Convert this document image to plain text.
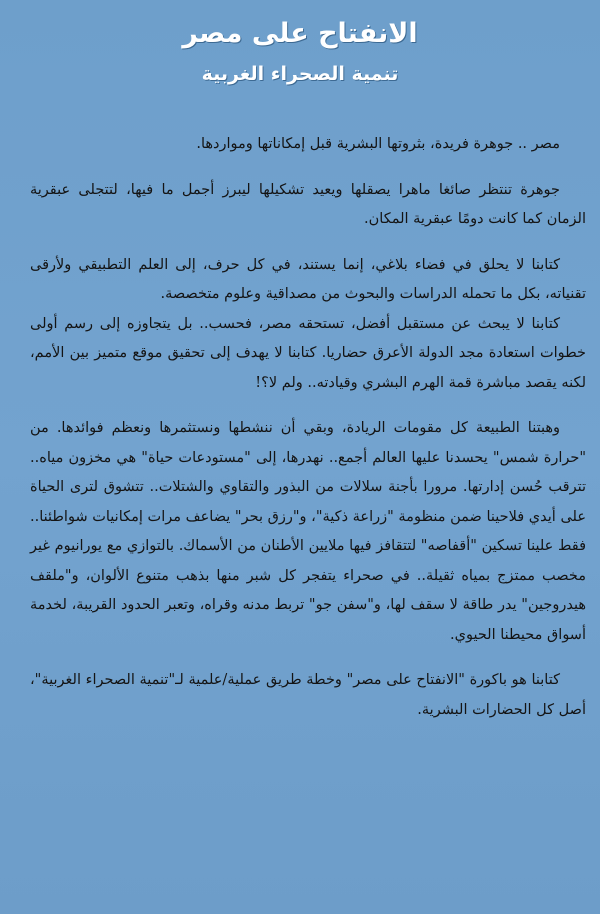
الانفتاح على مصر
تنمية الصحراء الغربية

مصر .. جوهرة فريدة، بثروتها البشرية قبل إمكاناتها ومواردها.

جوهرة تنتظر صائغا ماهرا يصقلها ويعيد تشكيلها ليبرز أجمل ما فيها، لتتجلى عبقرية الزمان كما كانت دومًا عبقرية المكان.

كتابنا لا يحلق في فضاء بلاغي، إنما يستند، في كل حرف، إلى العلم التطبيقي ولأرقى تقنياته، بكل ما تحمله الدراسات والبحوث من مصداقية وعلوم متخصصة.

كتابنا لا يبحث عن مستقبل أفضل، تستحقه مصر، فحسب.. بل يتجاوزه إلى رسم أولى خطوات استعادة مجد الدولة الأعرق حضاريا. كتابنا لا يهدف إلى تحقيق موقع متميز بين الأمم، لكنه يقصد مباشرة قمة الهرم البشري وقيادته.. ولم لا؟!

وهبتنا الطبيعة كل مقومات الريادة، وبقي أن ننشطها ونستثمرها ونعظم فوائدها. من "حرارة شمس" يحسدنا عليها العالم أجمع.. نهدرها، إلى "مستودعات حياة" هي مخزون مياه.. تترقب حُسن إدارتها. مرورا بأجنة سلالات من البذور والتقاوي والشتلات.. تتشوق لترى الحياة على أيدي فلاحينا ضمن منظومة "زراعة ذكية"، و"رزق بحر" يضاعف مرات إمكانيات شواطئنا.. فقط علينا تسكين "أقفاصه" لتتقافز فيها ملايين الأطنان من الأسماك. بالتوازي مع يورانيوم غير مخصب ممتزج بمياه ثقيلة.. في صحراء يتفجر كل شبر منها بذهب متنوع الألوان، و"ملقف هيدروجين" يدر طاقة لا سقف لها، و"سفن جو" تربط مدنه وقراه، وتعبر الحدود القريبة، لخدمة أسواق محيطنا الحيوي.

كتابنا هو باكورة "الانفتاح على مصر" وخطة طريق عملية/علمية لـ"تنمية الصحراء الغربية"، أصل كل الحضارات البشرية.
